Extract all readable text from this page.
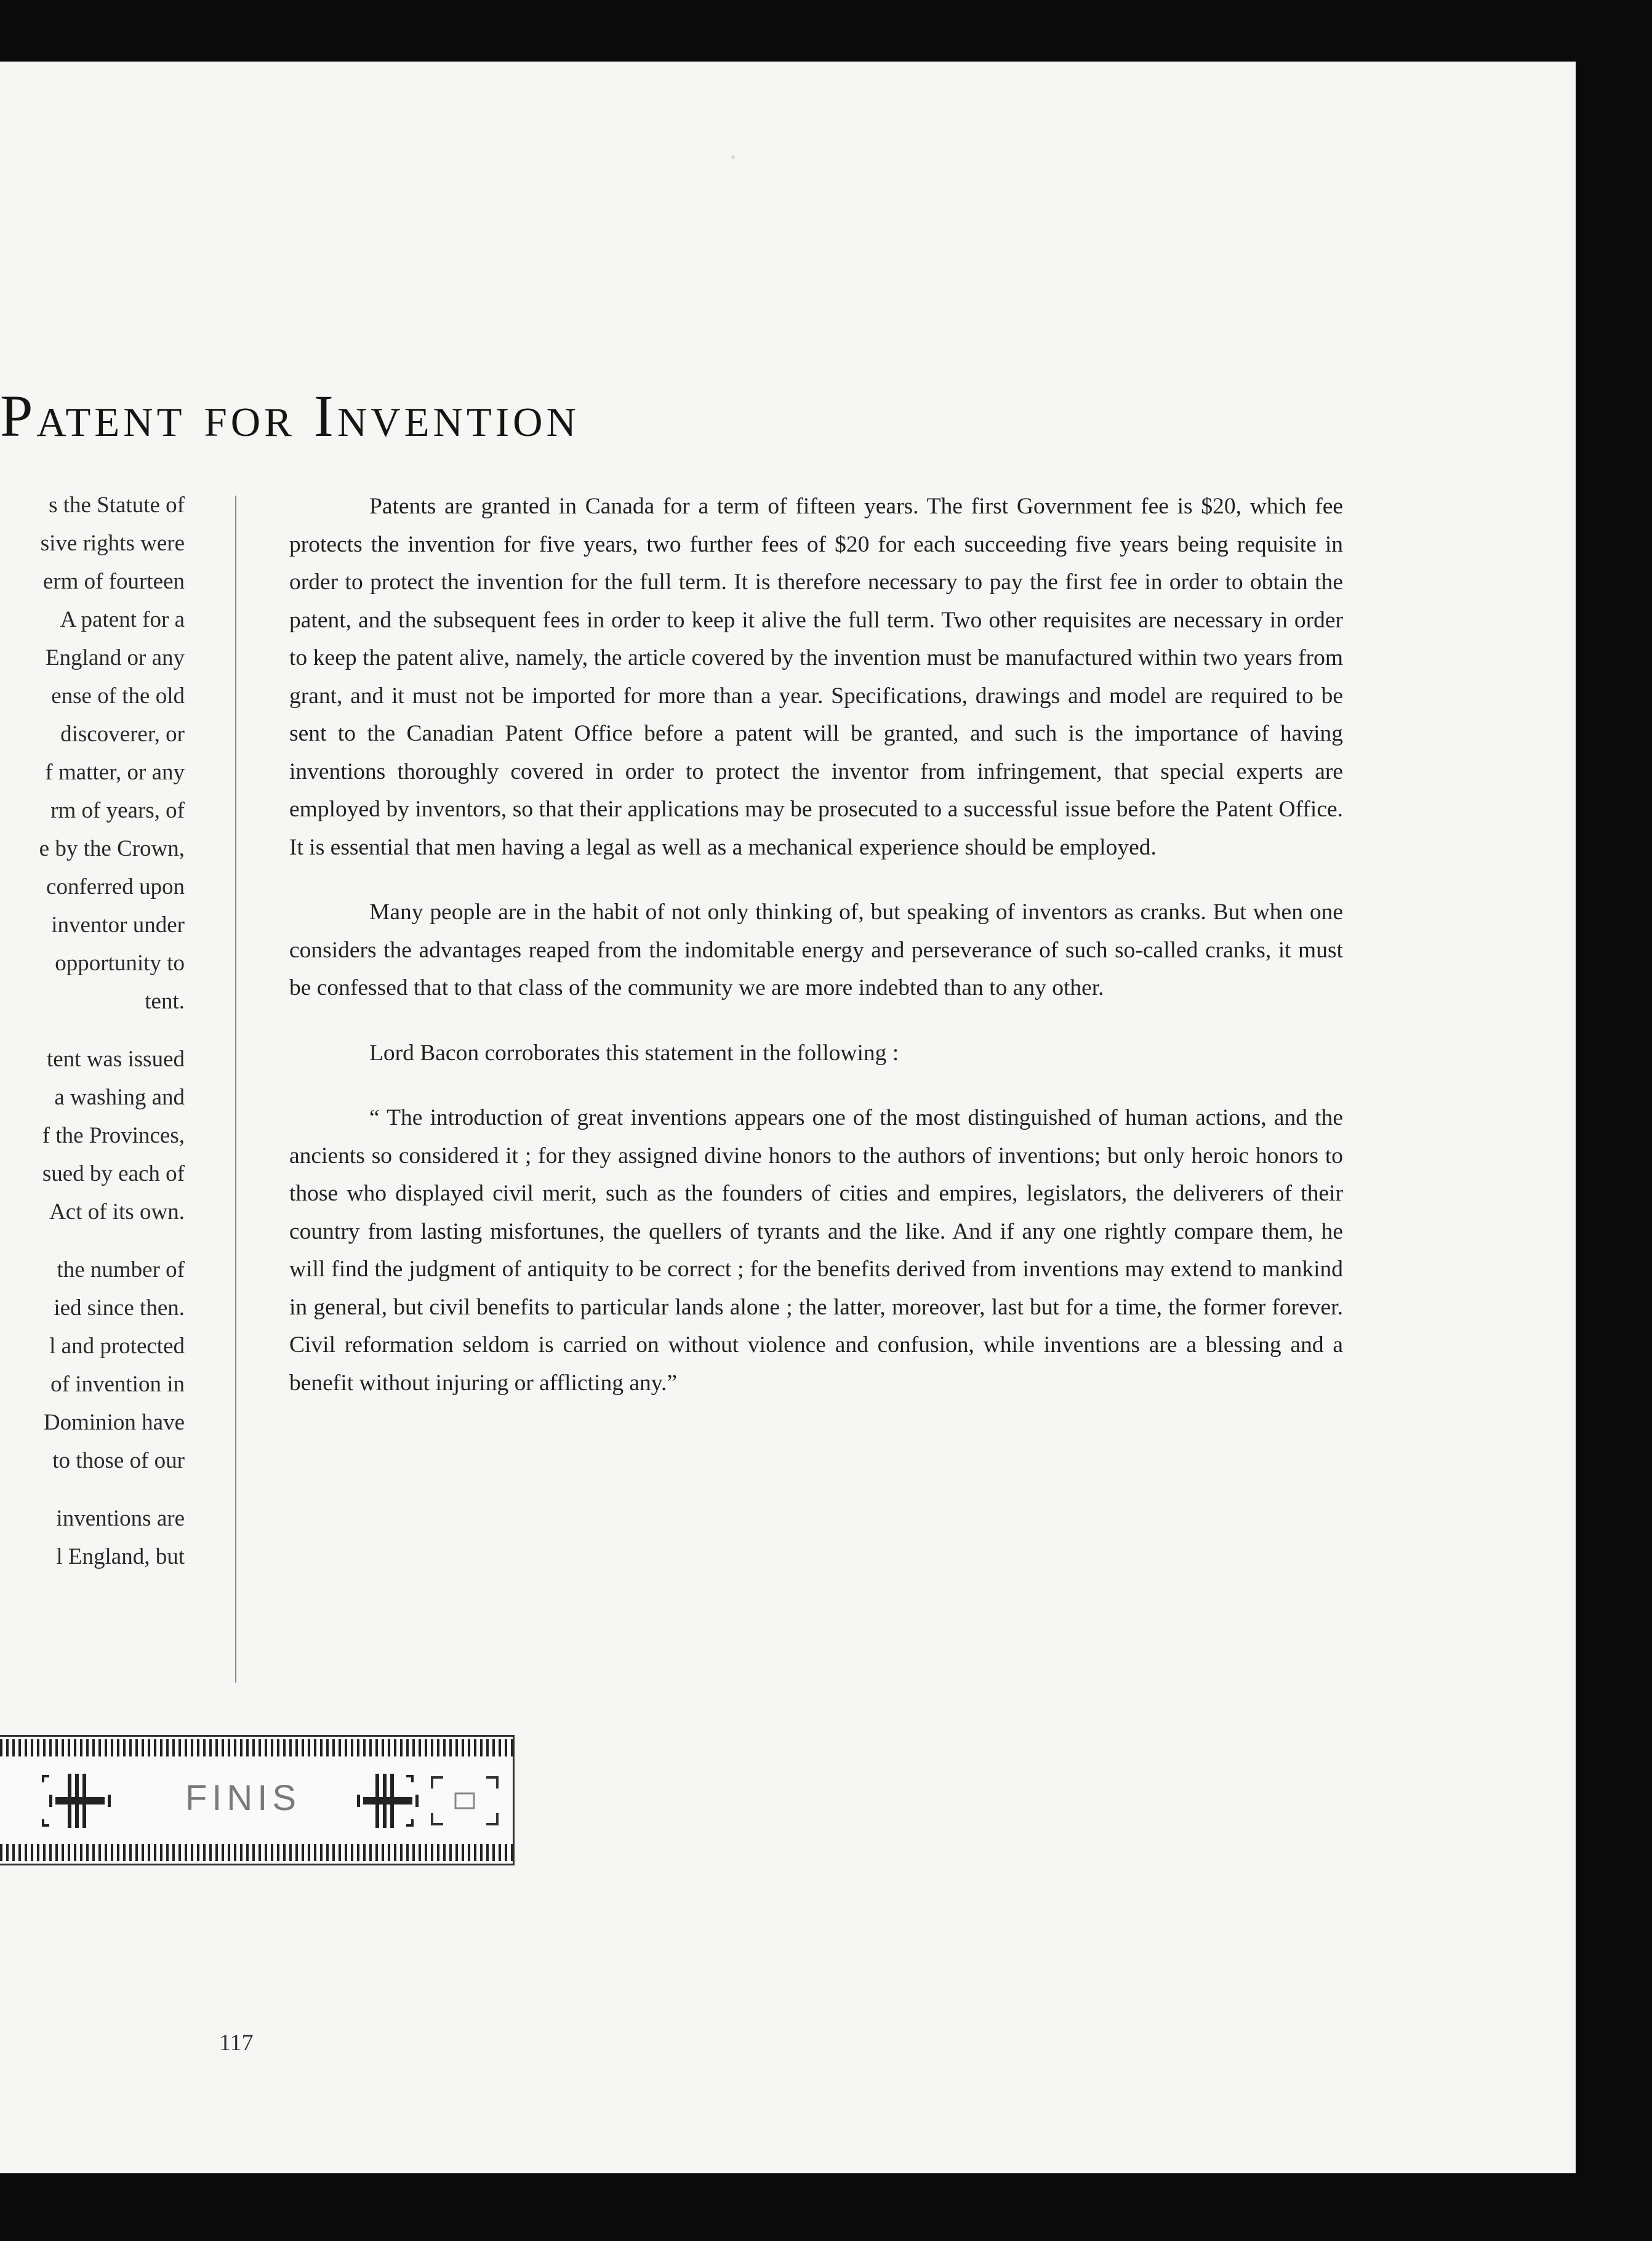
Patent for Invention
s the Statute of
sive rights were
erm of fourteen
A patent for a
England or any
ense of the old
discoverer, or
f matter, or any
rm of years, of
e by the Crown,
conferred upon
inventor under
opportunity to
tent.
tent was issued
a washing and
f the Provinces,
sued by each of
Act of its own.
the number of
ied since then.
l and protected
of invention in
Dominion have
to those of our
inventions are
l England, but

Patents are granted in Canada for a term of fifteen years. The first Government fee is $20, which fee protects the invention for five years, two further fees of $20 for each succeeding five years being requisite in order to protect the invention for the full term. It is therefore necessary to pay the first fee in order to obtain the patent, and the subsequent fees in order to keep it alive the full term. Two other requisites are necessary in order to keep the patent alive, namely, the article covered by the invention must be manufactured within two years from grant, and it must not be imported for more than a year. Specifications, drawings and model are required to be sent to the Canadian Patent Office before a patent will be granted, and such is the importance of having inventions thoroughly covered in order to protect the inventor from infringement, that special experts are employed by inventors, so that their applications may be prosecuted to a successful issue before the Patent Office. It is essential that men having a legal as well as a mechanical experience should be employed.

Many people are in the habit of not only thinking of, but speaking of inventors as cranks. But when one considers the advantages reaped from the indomitable energy and perseverance of such so-called cranks, it must be confessed that to that class of the community we are more indebted than to any other.

Lord Bacon corroborates this statement in the following :

“ The introduction of great inventions appears one of the most distinguished of human actions, and the ancients so considered it ; for they assigned divine honors to the authors of inventions; but only heroic honors to those who displayed civil merit, such as the founders of cities and empires, legislators, the deliverers of their country from lasting misfortunes, the quellers of tyrants and the like. And if any one rightly compare them, he will find the judgment of antiquity to be correct ; for the benefits derived from inventions may extend to mankind in general, but civil benefits to particular lands alone ; the latter, moreover, last but for a time, the former forever. Civil reformation seldom is carried on without violence and confusion, while inventions are a blessing and a benefit without injuring or afflicting any.”

FINIS
117
